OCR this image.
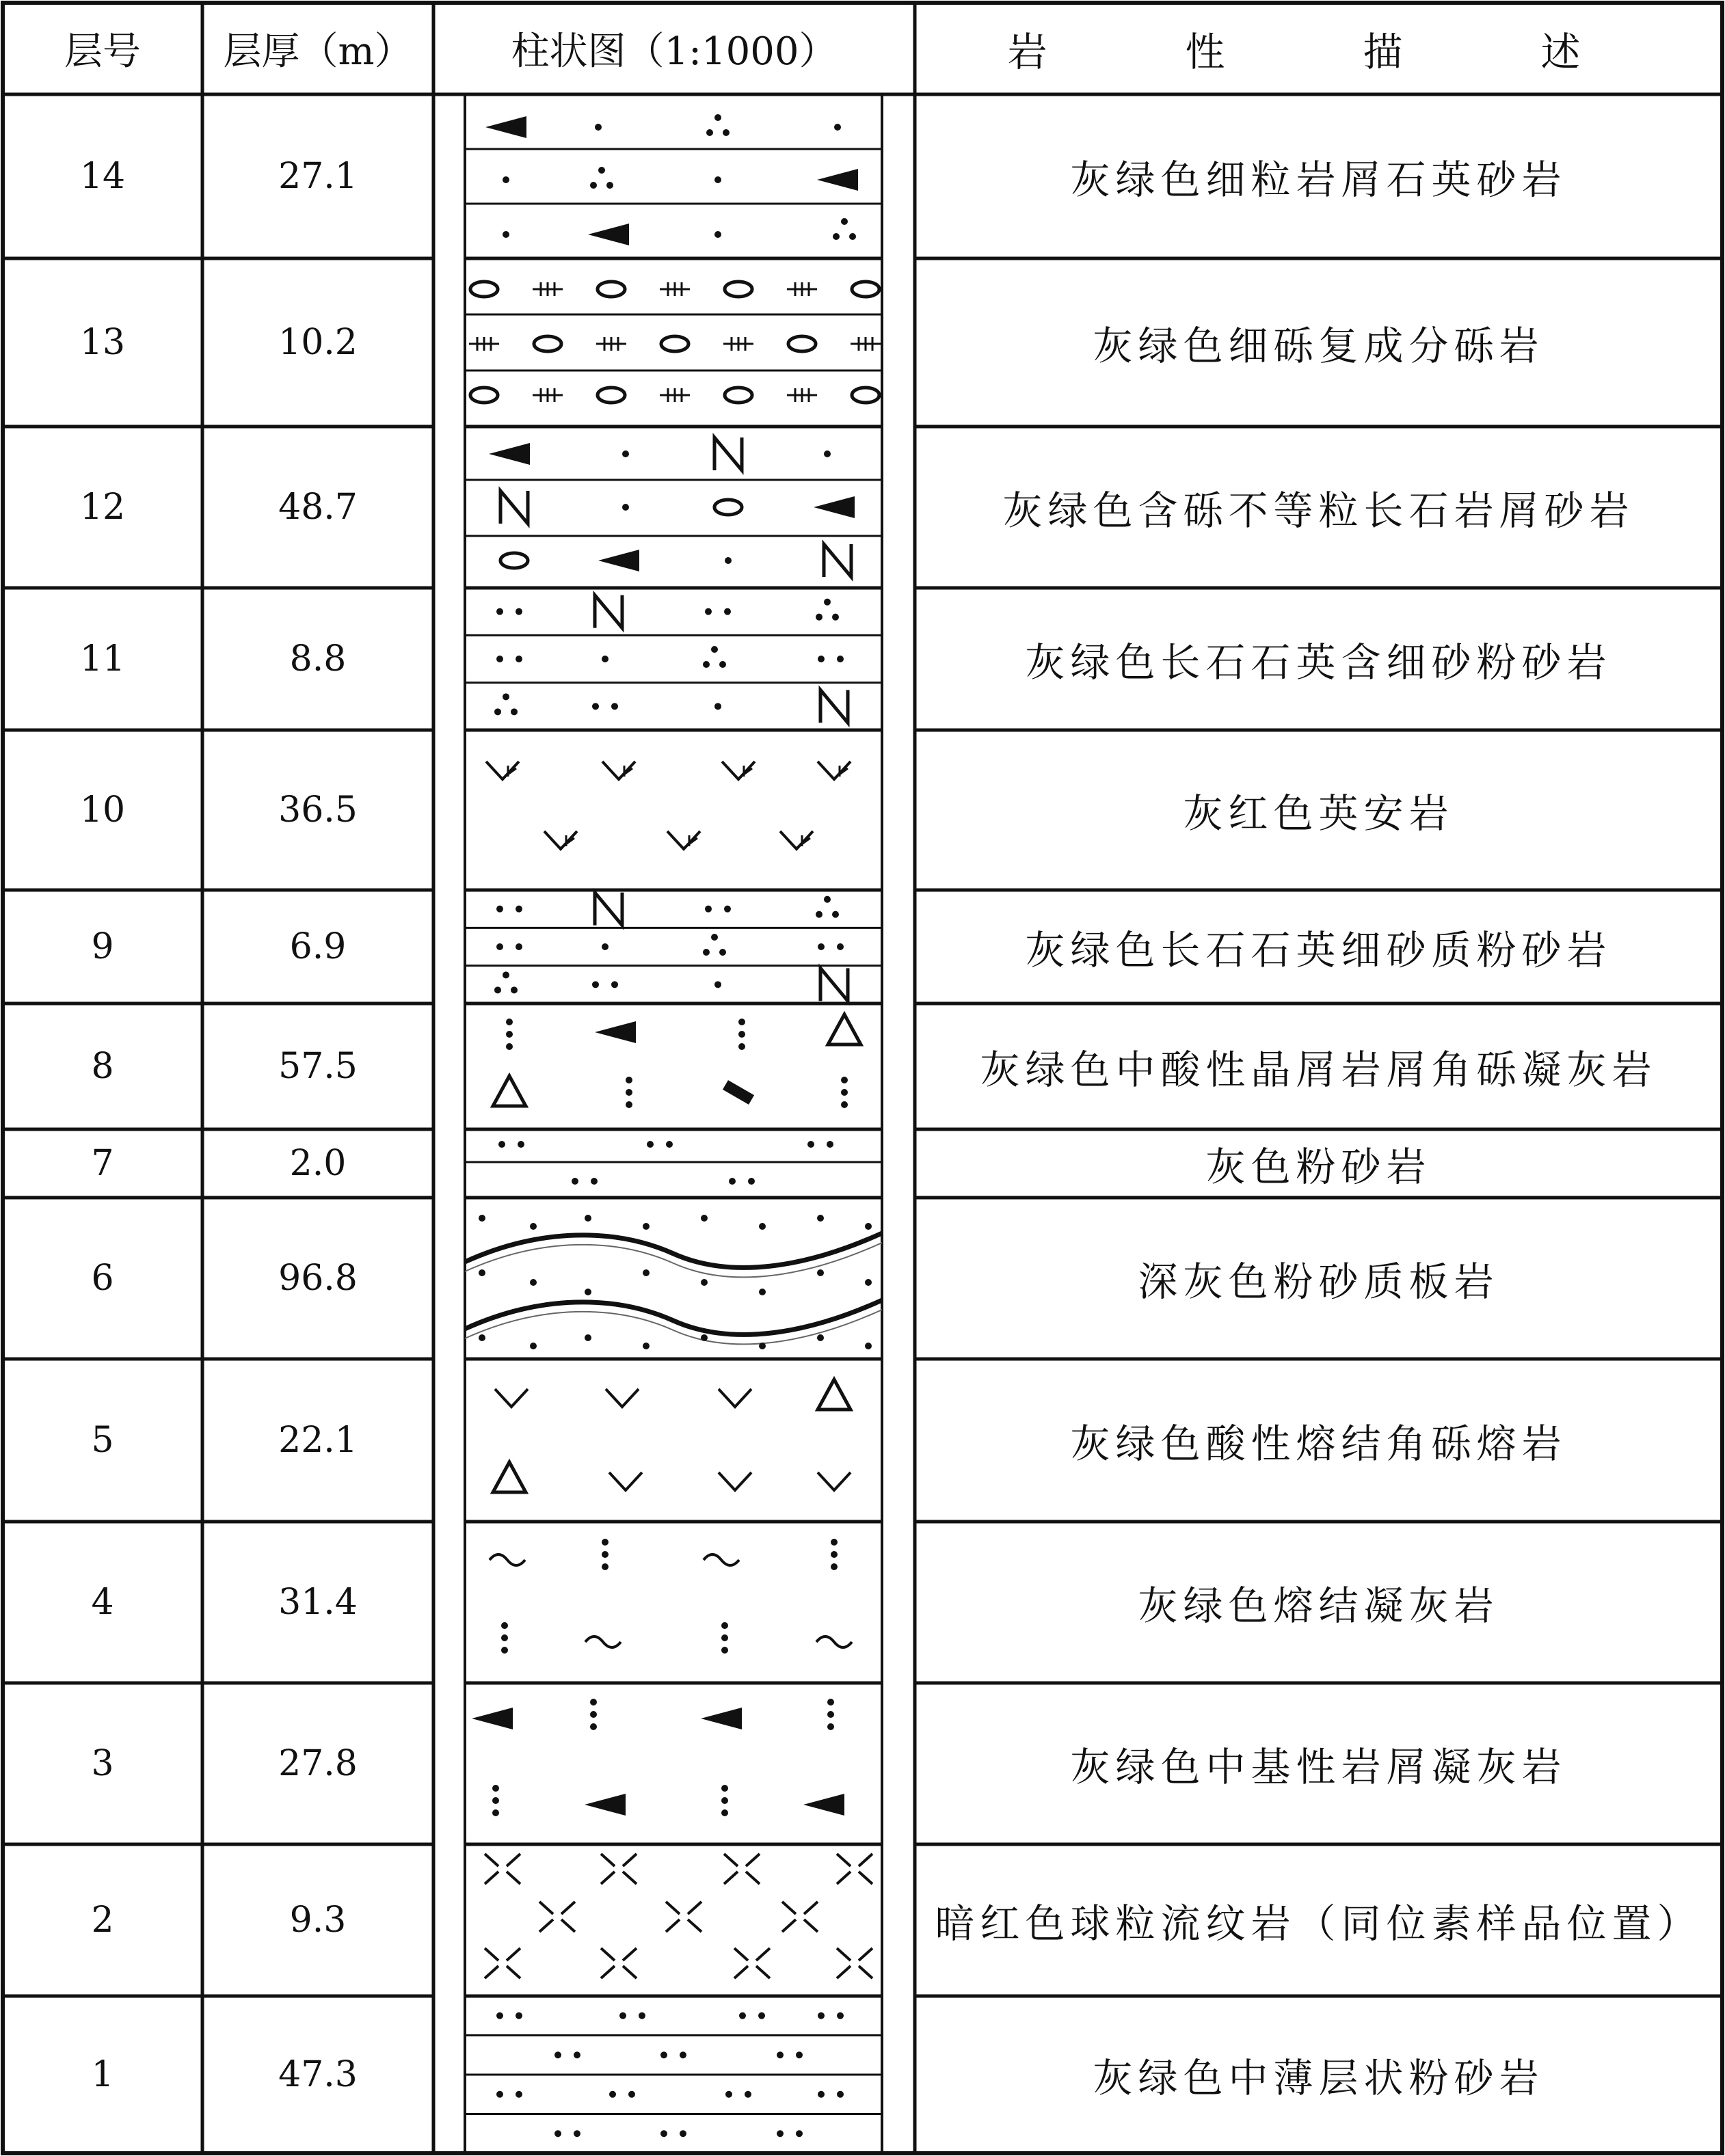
层号	层厚（m）	柱状图（1:1000）	岩　性　描　述
14	27.1	灰绿色细粒岩屑石英砂岩
13	10.2	灰绿色细砾复成分砾岩
12	48.7	灰绿色含砾不等粒长石岩屑砂岩
11	8.8	灰绿色长石石英含细砂粉砂岩
10	36.5	灰红色英安岩
9	6.9	灰绿色长石石英细砂质粉砂岩
8	57.5	灰绿色中酸性晶屑岩屑角砾凝灰岩
7	2.0	灰色粉砂岩
6	96.8	深灰色粉砂质板岩
5	22.1	灰绿色酸性熔结角砾熔岩
4	31.4	灰绿色熔结凝灰岩
3	27.8	灰绿色中基性岩屑凝灰岩
2	9.3	暗红色球粒流纹岩（同位素样品位置）
1	47.3	灰绿色中薄层状粉砂岩
